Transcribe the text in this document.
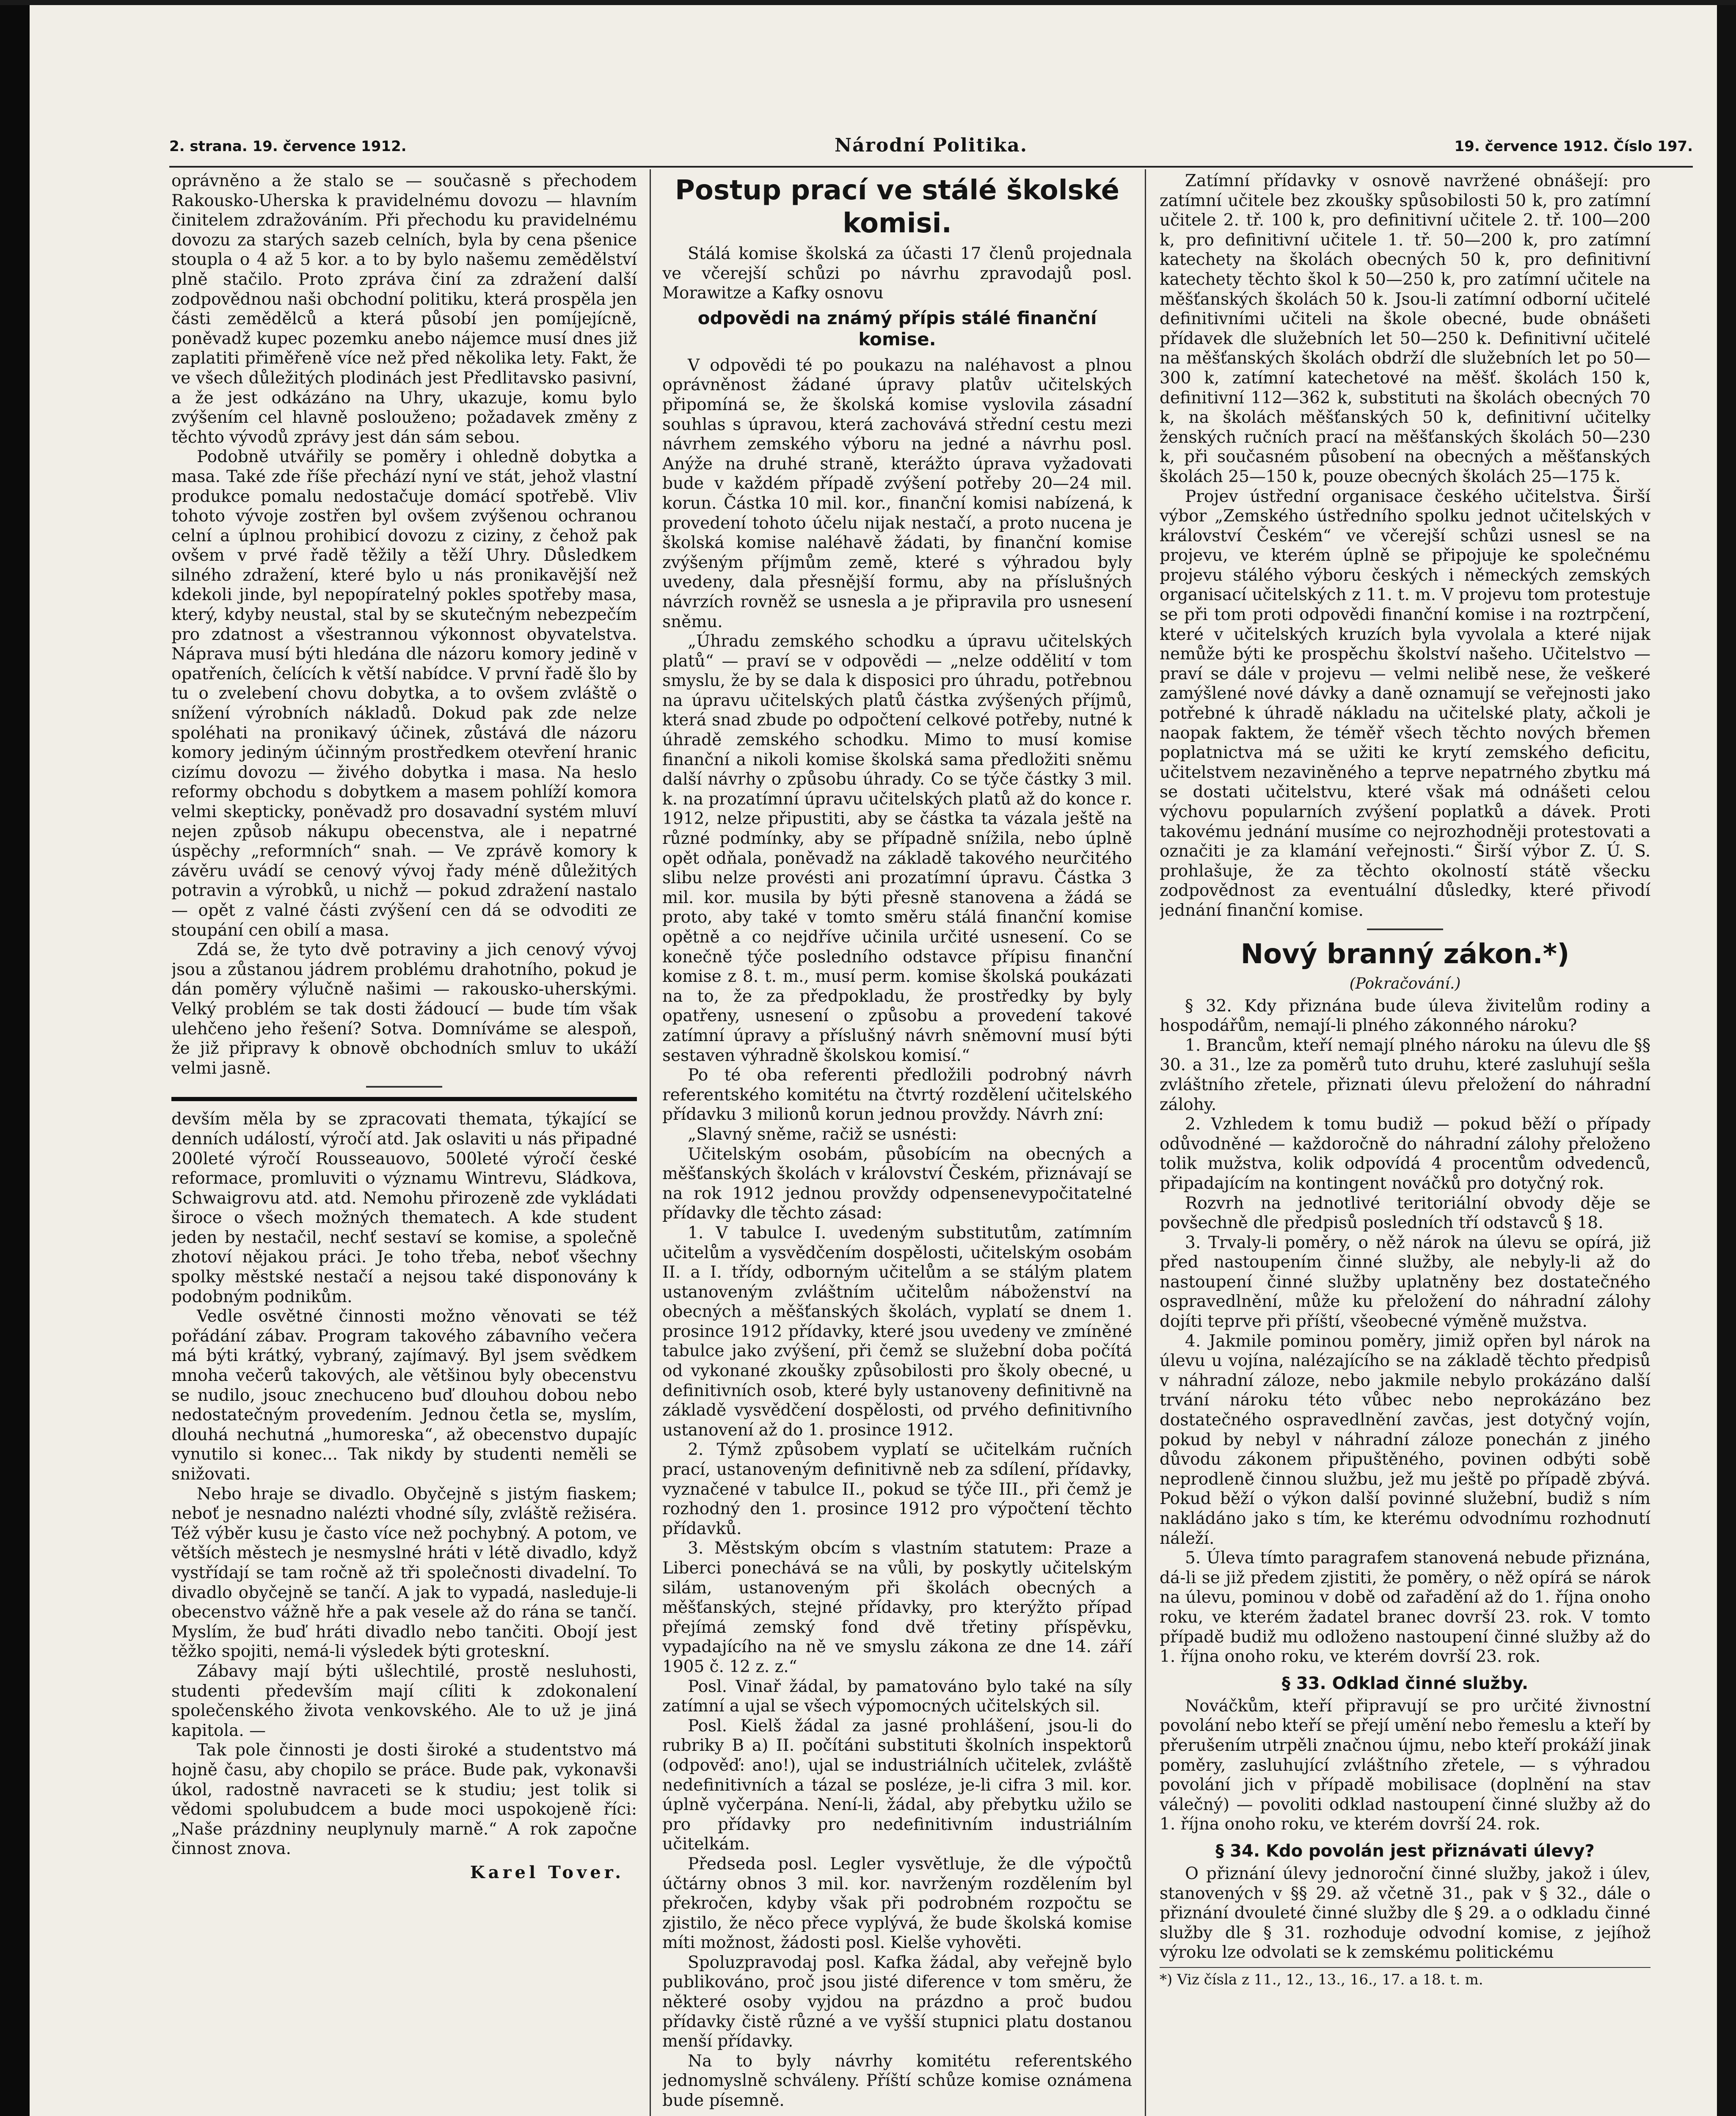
2. strana. 19. července 1912.	Národní Politika.	19. července 1912. Číslo 197.

oprávněno a že stalo se — současně s přechodem Rakousko-Uherska k pravidelnému dovozu — hlavním činitelem zdražováním. Při přechodu ku pravidelnému dovozu za starých sazeb celních, byla by cena pšenice stoupla o 4 až 5 kor. a to by bylo našemu zemědělství plně stačilo. Proto zpráva činí za zdražení další zodpovědnou naši obchodní politiku, která prospěla jen části zemědělců a která působí jen pomíjejícně, poněvadž kupec pozemku anebo nájemce musí dnes již zaplatiti přiměřeně více než před několika lety. Fakt, že ve všech důležitých plodinách jest Předlitavsko pasivní, a že jest odkázáno na Uhry, ukazuje, komu bylo zvýšením cel hlavně poslouženo; požadavek změny z těchto vývodů zprávy jest dán sám sebou.

Podobně utvářily se poměry i ohledně dobytka a masa. Také zde říše přechází nyní ve stát, jehož vlastní produkce pomalu nedostačuje domácí spotřebě. Vliv tohoto vývoje zostřen byl ovšem zvýšenou ochranou celní a úplnou prohibicí dovozu z ciziny, z čehož pak ovšem v prvé řadě těžily a těží Uhry. Důsledkem silného zdražení, které bylo u nás pronikavější než kdekoli jinde, byl nepopíratelný pokles spotřeby masa, který, kdyby neustal, stal by se skutečným nebezpečím pro zdatnost a všestrannou výkonnost obyvatelstva. Náprava musí býti hledána dle názoru komory jedině v opatřeních, čelících k větší nabídce. V první řadě šlo by tu o zvelebení chovu dobytka, a to ovšem zvláště o snížení výrobních nákladů. Dokud pak zde nelze spoléhati na pronikavý účinek, zůstává dle názoru komory jediným účinným prostředkem otevření hranic cizímu dovozu — živého dobytka i masa. Na heslo reformy obchodu s dobytkem a masem pohlíží komora velmi skepticky, poněvadž pro dosavadní systém mluví nejen způsob nákupu obecenstva, ale i nepatrné úspěchy „reformních“ snah. — Ve zprávě komory k závěru uvádí se cenový vývoj řady méně důležitých potravin a výrobků, u nichž — pokud zdražení nastalo — opět z valné části zvýšení cen dá se odvoditi ze stoupání cen obilí a masa.

Zdá se, že tyto dvě potraviny a jich cenový vývoj jsou a zůstanou jádrem problému drahotního, pokud je dán poměry výlučně našimi — rakousko-uherskými. Velký problém se tak dosti žádoucí — bude tím však ulehčeno jeho řešení? Sotva. Domníváme se alespoň, že již připravy k obnově obchodních smluv to ukáží velmi jasně.

devším měla by se zpracovati themata, týkající se denních událostí, výročí atd. Jak oslaviti u nás připadné 200leté výročí Rousseauovo, 500leté výročí české reformace, promluviti o významu Wintrevu, Sládkova, Schwaigrovu atd. atd. Nemohu přirozeně zde vykládati široce o všech možných thematech. A kde student jeden by nestačil, nechť sestaví se komise, a společně zhotoví nějakou práci. Je toho třeba, neboť všechny spolky městské nestačí a nejsou také disponovány k podobným podnikům.

Vedle osvětné činnosti možno věnovati se též pořádání zábav. Program takového zábavního večera má býti krátký, vybraný, zajímavý. Byl jsem svědkem mnoha večerů takových, ale většinou byly obecenstvu se nudilo, jsouc znechuceno buď dlouhou dobou nebo nedostatečným provedením. Jednou četla se, myslím, dlouhá nechutná „humoreska“, až obecenstvo dupajíc vynutilo si konec... Tak nikdy by studenti neměli se snižovati.

Nebo hraje se divadlo. Obyčejně s jistým fiaskem; neboť je nesnadno nalézti vhodné síly, zvláště režiséra. Též výběr kusu je často více než pochybný. A potom, ve větších městech je nesmyslné hráti v létě divadlo, když vystřídají se tam ročně až tři společnosti divadelní. To divadlo obyčejně se tančí. A jak to vypadá, nasleduje-li obecenstvo vážně hře a pak vesele až do rána se tančí. Myslím, že buď hráti divadlo nebo tančiti. Obojí jest těžko spojiti, nemá-li výsledek býti groteskní.

Zábavy mají býti ušlechtilé, prostě nesluhosti, studenti především mají cíliti k zdokonalení společenského života venkovského. Ale to už je jiná kapitola. —

Tak pole činnosti je dosti široké a studentstvo má hojně času, aby chopilo se práce. Bude pak, vykonavši úkol, radostně navraceti se k studiu; jest tolik si vědomi spolubudcem a bude moci uspokojeně říci: „Naše prázdniny neuplynuly marně.“ A rok započne činnost znova.

Karel Tover.
Postup prací ve stálé školské komisi.

Stálá komise školská za účasti 17 členů projednala ve včerejší schůzi po návrhu zpravodajů posl. Morawitze a Kafky osnovu

odpovědi na známý přípis stálé finanční komise.

V odpovědi té po poukazu na naléhavost a plnou oprávněnost žádané úpravy platův učitelských připomíná se, že školská komise vyslovila zásadní souhlas s úpravou, která zachovává střední cestu mezi návrhem zemského výboru na jedné a návrhu posl. Anýže na druhé straně, kterážto úprava vyžadovati bude v každém případě zvýšení potřeby 20—24 mil. korun. Částka 10 mil. kor., finanční komisi nabízená, k provedení tohoto účelu nijak nestačí, a proto nucena je školská komise naléhavě žádati, by finanční komise zvýšeným příjmům země, které s výhradou byly uvedeny, dala přesnější formu, aby na příslušných návrzích rovněž se usnesla a je připravila pro usnesení sněmu.

„Úhradu zemského schodku a úpravu učitelských platů“ — praví se v odpovědi — „nelze oddělití v tom smyslu, že by se dala k disposici pro úhradu, potřebnou na úpravu učitelských platů částka zvýšených příjmů, která snad zbude po odpočtení celkové potřeby, nutné k úhradě zemského schodku. Mimo to musí komise finanční a nikoli komise školská sama předložiti sněmu další návrhy o způsobu úhrady. Co se týče částky 3 mil. k. na prozatímní úpravu učitelských platů až do konce r. 1912, nelze připustiti, aby se částka ta vázala ještě na různé podmínky, aby se případně snížila, nebo úplně opět odňala, poněvadž na základě takového neurčitého slibu nelze provésti ani prozatímní úpravu. Částka 3 mil. kor. musila by býti přesně stanovena a žádá se proto, aby také v tomto směru stálá finanční komise opětně a co nejdříve učinila určité usnesení. Co se konečně týče posledního odstavce přípisu finanční komise z 8. t. m., musí perm. komise školská poukázati na to, že za předpokladu, že prostředky by byly opatřeny, usnesení o způsobu a provedení takové zatímní úpravy a příslušný návrh sněmovní musí býti sestaven výhradně školskou komisí.“

Po té oba referenti předložili podrobný návrh referentského komitétu na čtvrtý rozdělení učitelského přídavku 3 milionů korun jednou provždy. Návrh zní:

„Slavný sněme, račiž se usnésti:

Učitelským osobám, působícím na obecných a měšťanských školách v království Českém, přiznávají se na rok 1912 jednou provždy odpensenevypočitatelné přídavky dle těchto zásad:

1. V tabulce I. uvedeným substitutům, zatímním učitelům a vysvědčením dospělosti, učitelským osobám II. a I. třídy, odborným učitelům a se stálým platem ustanoveným zvláštním učitelům náboženství na obecných a měšťanských školách, vyplatí se dnem 1. prosince 1912 přídavky, které jsou uvedeny ve zmíněné tabulce jako zvýšení, při čemž se služební doba počítá od vykonané zkoušky způsobilosti pro školy obecné, u definitivních osob, které byly ustanoveny definitivně na základě vysvědčení dospělosti, od prvého definitivního ustanovení až do 1. prosince 1912.

2. Týmž způsobem vyplatí se učitelkám ručních prací, ustanoveným definitivně neb za sdílení, přídavky, vyznačené v tabulce II., pokud se týče III., při čemž je rozhodný den 1. prosince 1912 pro výpočtení těchto přídavků.

3. Městským obcím s vlastním statutem: Praze a Liberci ponechává se na vůli, by poskytly učitelským silám, ustanoveným při školách obecných a měšťanských, stejné přídavky, pro kterýžto případ přejímá zemský fond dvě třetiny příspěvku, vypadajícího na ně ve smyslu zákona ze dne 14. září 1905 č. 12 z. z.“

Posl. Vinař žádal, by pamatováno bylo také na síly zatímní a ujal se všech výpomocných učitelských sil.

Posl. Kielš žádal za jasné prohlášení, jsou-li do rubriky B a) II. počítáni substituti školních inspektorů (odpověď: ano!), ujal se industriálních učitelek, zvláště nedefinitivních a tázal se posléze, je-li cifra 3 mil. kor. úplně vyčerpána. Není-li, žádal, aby přebytku užilo se pro přídavky pro nedefinitivním industriálním učitelkám.

Předseda posl. Legler vysvětluje, že dle výpočtů účtárny obnos 3 mil. kor. navrženým rozdělením byl překročen, kdyby však při podrobném rozpočtu se zjistilo, že něco přece vyplývá, že bude školská komise míti možnost, žádosti posl. Kielše vyhověti.

Spoluzpravodaj posl. Kafka žádal, aby veřejně bylo publikováno, proč jsou jisté diference v tom směru, že některé osoby vyjdou na prázdno a proč budou přídavky čistě různé a ve vyšší stupnici platu dostanou menší přídavky.

Na to byly návrhy komitétu referentského jednomyslně schváleny. Příští schůze komise oznámena bude písemně.

Zatímní přídavky v osnově navržené obnášejí: pro zatímní učitele bez zkoušky spůsobilosti 50 k, pro zatímní učitele 2. tř. 100 k, pro definitivní učitele 2. tř. 100—200 k, pro definitivní učitele 1. tř. 50—200 k, pro zatímní katechety na školách obecných 50 k, pro definitivní katechety těchto škol k 50—250 k, pro zatímní učitele na měšťanských školách 50 k. Jsou-li zatímní odborní učitelé definitivními učiteli na škole obecné, bude obnášeti přídavek dle služebních let 50—250 k. Definitivní učitelé na měšťanských školách obdrží dle služebních let po 50—300 k, zatímní katechetové na měšť. školách 150 k, definitivní 112—362 k, substituti na školách obecných 70 k, na školách měšťanských 50 k, definitivní učitelky ženských ručních prací na měšťanských školách 50—230 k, při současném působení na obecných a měšťanských školách 25—150 k, pouze obecných školách 25—175 k.

Projev ústřední organisace českého učitelstva. Širší výbor „Zemského ústředního spolku jednot učitelských v království Českém“ ve včerejší schůzi usnesl se na projevu, ve kterém úplně se připojuje ke společnému projevu stálého výboru českých i německých zemských organisací učitelských z 11. t. m. V projevu tom protestuje se při tom proti odpovědi finanční komise i na roztrpčení, které v učitelských kruzích byla vyvolala a které nijak nemůže býti ke prospěchu školství našeho. Učitelstvo — praví se dále v projevu — velmi nelibě nese, že veškeré zamýšlené nové dávky a daně oznamují se veřejnosti jako potřebné k úhradě nákladu na učitelské platy, ačkoli je naopak faktem, že téměř všech těchto nových břemen poplatnictva má se užiti ke krytí zemského deficitu, učitelstvem nezaviněného a teprve nepatrného zbytku má se dostati učitelstvu, které však má odnášeti celou výchovu popularních zvýšení poplatků a dávek. Proti takovému jednání musíme co nejrozhodněji protestovati a označiti je za klamání veřejnosti.“ Širší výbor Z. Ú. S. prohlašuje, že za těchto okolností státě všecku zodpovědnost za eventuální důsledky, které přivodí jednání finanční komise.

Nový branný zákon.*)
(Pokračování.)

§ 32. Kdy přiznána bude úleva živitelům rodiny a hospodářům, nemají-li plného zákonného nároku?

1. Brancům, kteří nemají plného nároku na úlevu dle §§ 30. a 31., lze za poměrů tuto druhu, které zasluhují sešla zvláštního zřetele, přiznati úlevu přeložení do náhradní zálohy.

2. Vzhledem k tomu budiž — pokud běží o případy odůvodněné — každoročně do náhradní zálohy přeloženo tolik mužstva, kolik odpovídá 4 procentům odvedenců, připadajícím na kontingent nováčků pro dotyčný rok.

Rozvrh na jednotlivé teritoriální obvody děje se povšechně dle předpisů posledních tří odstavců § 18.

3. Trvaly-li poměry, o něž nárok na úlevu se opírá, již před nastoupením činné služby, ale nebyly-li až do nastoupení činné služby uplatněny bez dostatečného ospravedlnění, může ku přeložení do náhradní zálohy dojíti teprve při příští, všeobecné výměně mužstva.

4. Jakmile pominou poměry, jimiž opřen byl nárok na úlevu u vojína, nalézajícího se na základě těchto předpisů v náhradní záloze, nebo jakmile nebylo prokázáno další trvání nároku této vůbec nebo neprokázáno bez dostatečného ospravedlnění zavčas, jest dotyčný vojín, pokud by nebyl v náhradní záloze ponechán z jiného důvodu zákonem připuštěného, povinen odbýti sobě neprodleně činnou službu, jež mu ještě po případě zbývá. Pokud běží o výkon další povinné služební, budiž s ním nakládáno jako s tím, ke kterému odvodnímu rozhodnutí náleží.

5. Úleva tímto paragrafem stanovená nebude přiznána, dá-li se již předem zjistiti, že poměry, o něž opírá se nárok na úlevu, pominou v době od zařadění až do 1. října onoho roku, ve kterém žadatel branec dovrší 23. rok. V tomto případě budiž mu odloženo nastoupení činné služby až do 1. října onoho roku, ve kterém dovrší 23. rok.

§ 33. Odklad činné služby.

Nováčkům, kteří připravují se pro určité živnostní povolání nebo kteří se přejí umění nebo řemeslu a kteří by přerušením utrpěli značnou újmu, nebo kteří prokáží jinak poměry, zasluhující zvláštního zřetele, — s výhradou povolání jich v případě mobilisace (doplnění na stav válečný) — povoliti odklad nastoupení činné služby až do 1. října onoho roku, ve kterém dovrší 24. rok.

§ 34. Kdo povolán jest přiznávati úlevy?

O přiznání úlevy jednoroční činné služby, jakož i úlev, stanovených v §§ 29. až včetně 31., pak v § 32., dále o přiznání dvouleté činné služby dle § 29. a o odkladu činné služby dle § 31. rozhoduje odvodní komise, z jejíhož výroku lze odvolati se k zemskému politickému

*) Viz čísla z 11., 12., 13., 16., 17. a 18. t. m.
